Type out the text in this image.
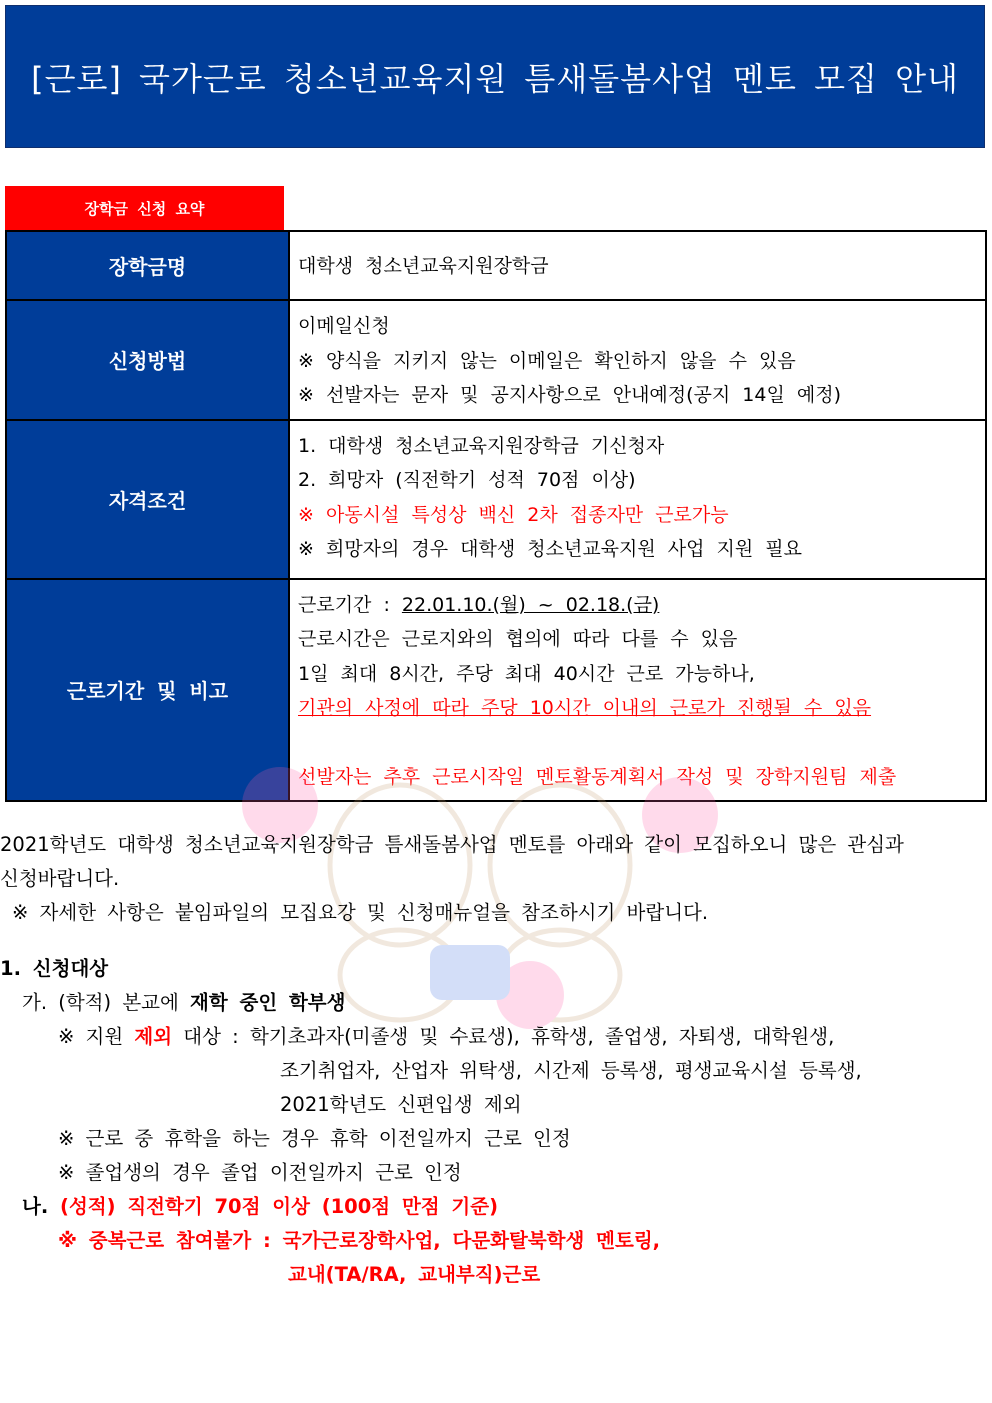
[근로] 국가근로 청소년교육지원 틈새돌봄사업 멘토 모집 안내
장학금 신청 요약
장학금명	대학생 청소년교육지원장학금

신청방법	이메일신청
※ 양식을 지키지 않는 이메일은 확인하지 않을 수 있음
※ 선발자는 문자 및 공지사항으로 안내예정(공지 14일 예정)

자격조건	1. 대학생 청소년교육지원장학금 기신청자
2. 희망자 (직전학기 성적 70점 이상)
※ 아동시설 특성상 백신 2차 접종자만 근로가능
※ 희망자의 경우 대학생 청소년교육지원 사업 지원 필요

근로기간 및 비고	근로기간 : 22.01.10.(월) ~ 02.18.(금)
근로시간은 근로지와의 협의에 따라 다를 수 있음
1일 최대 8시간, 주당 최대 40시간 근로 가능하나,
기관의 사정에 따라 주당 10시간 이내의 근로가 진행될 수 있음
선발자는 추후 근로시작일 멘토활동계획서 작성 및 장학지원팀 제출
2021학년도 대학생 청소년교육지원장학금 틈새돌봄사업 멘토를 아래와 같이 모집하오니 많은 관심과
신청바랍니다.
※ 자세한 사항은 붙임파일의 모집요강 및 신청매뉴얼을 참조하시기 바랍니다.
1. 신청대상
가. (학적) 본교에 재학 중인 학부생
※ 지원 제외 대상 : 학기초과자(미졸생 및 수료생), 휴학생, 졸업생, 자퇴생, 대학원생,
조기취업자, 산업자 위탁생, 시간제 등록생, 평생교육시설 등록생,
2021학년도 신편입생 제외
※ 근로 중 휴학을 하는 경우 휴학 이전일까지 근로 인정
※ 졸업생의 경우 졸업 이전일까지 근로 인정
나. (성적) 직전학기 70점 이상 (100점 만점 기준)
※ 중복근로 참여불가 : 국가근로장학사업, 다문화탈북학생 멘토링,
교내(TA/RA, 교내부직)근로
